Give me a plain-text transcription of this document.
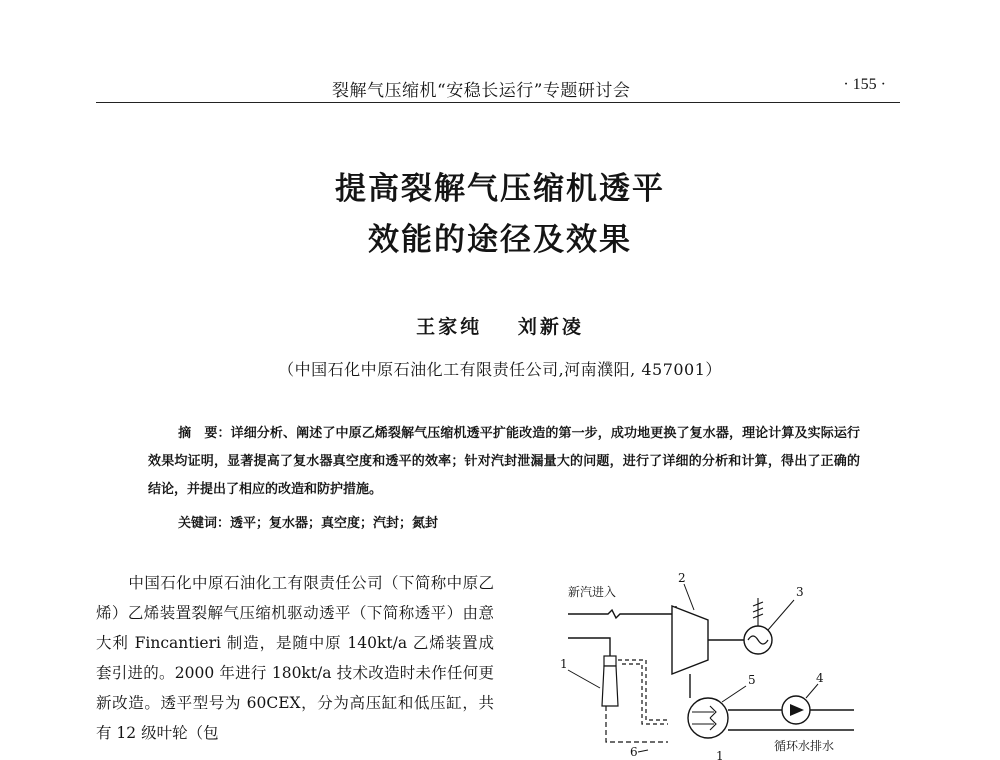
裂解气压缩机“安稳长运行”专题研讨会	· 155 ·
提高裂解气压缩机透平
效能的途径及效果
王家纯 刘新凌
（中国石化中原石油化工有限责任公司,河南濮阳, 457001）
摘　要：详细分析、阐述了中原乙烯裂解气压缩机透平扩能改造的第一步，成功地更换了复水器，理论计算及实际运行效果均证明，显著提高了复水器真空度和透平的效率；针对汽封泄漏量大的问题，进行了详细的分析和计算，得出了正确的结论，并提出了相应的改造和防护措施。
关键词：透平；复水器；真空度；汽封；氮封
中国石化中原石油化工有限责任公司（下简称中原乙烯）乙烯装置裂解气压缩机驱动透平（下简称透平）由意大利 Fincantieri 制造，是随中原 140kt/a 乙烯装置成套引进的。2000 年进行 180kt/a 技术改造时未作任何更新改造。透平型号为 60CEX，分为高压缸和低压缸，共有 12 级叶轮（包
新汽进入
2
3
1
5	4
循环水排水
6	1
